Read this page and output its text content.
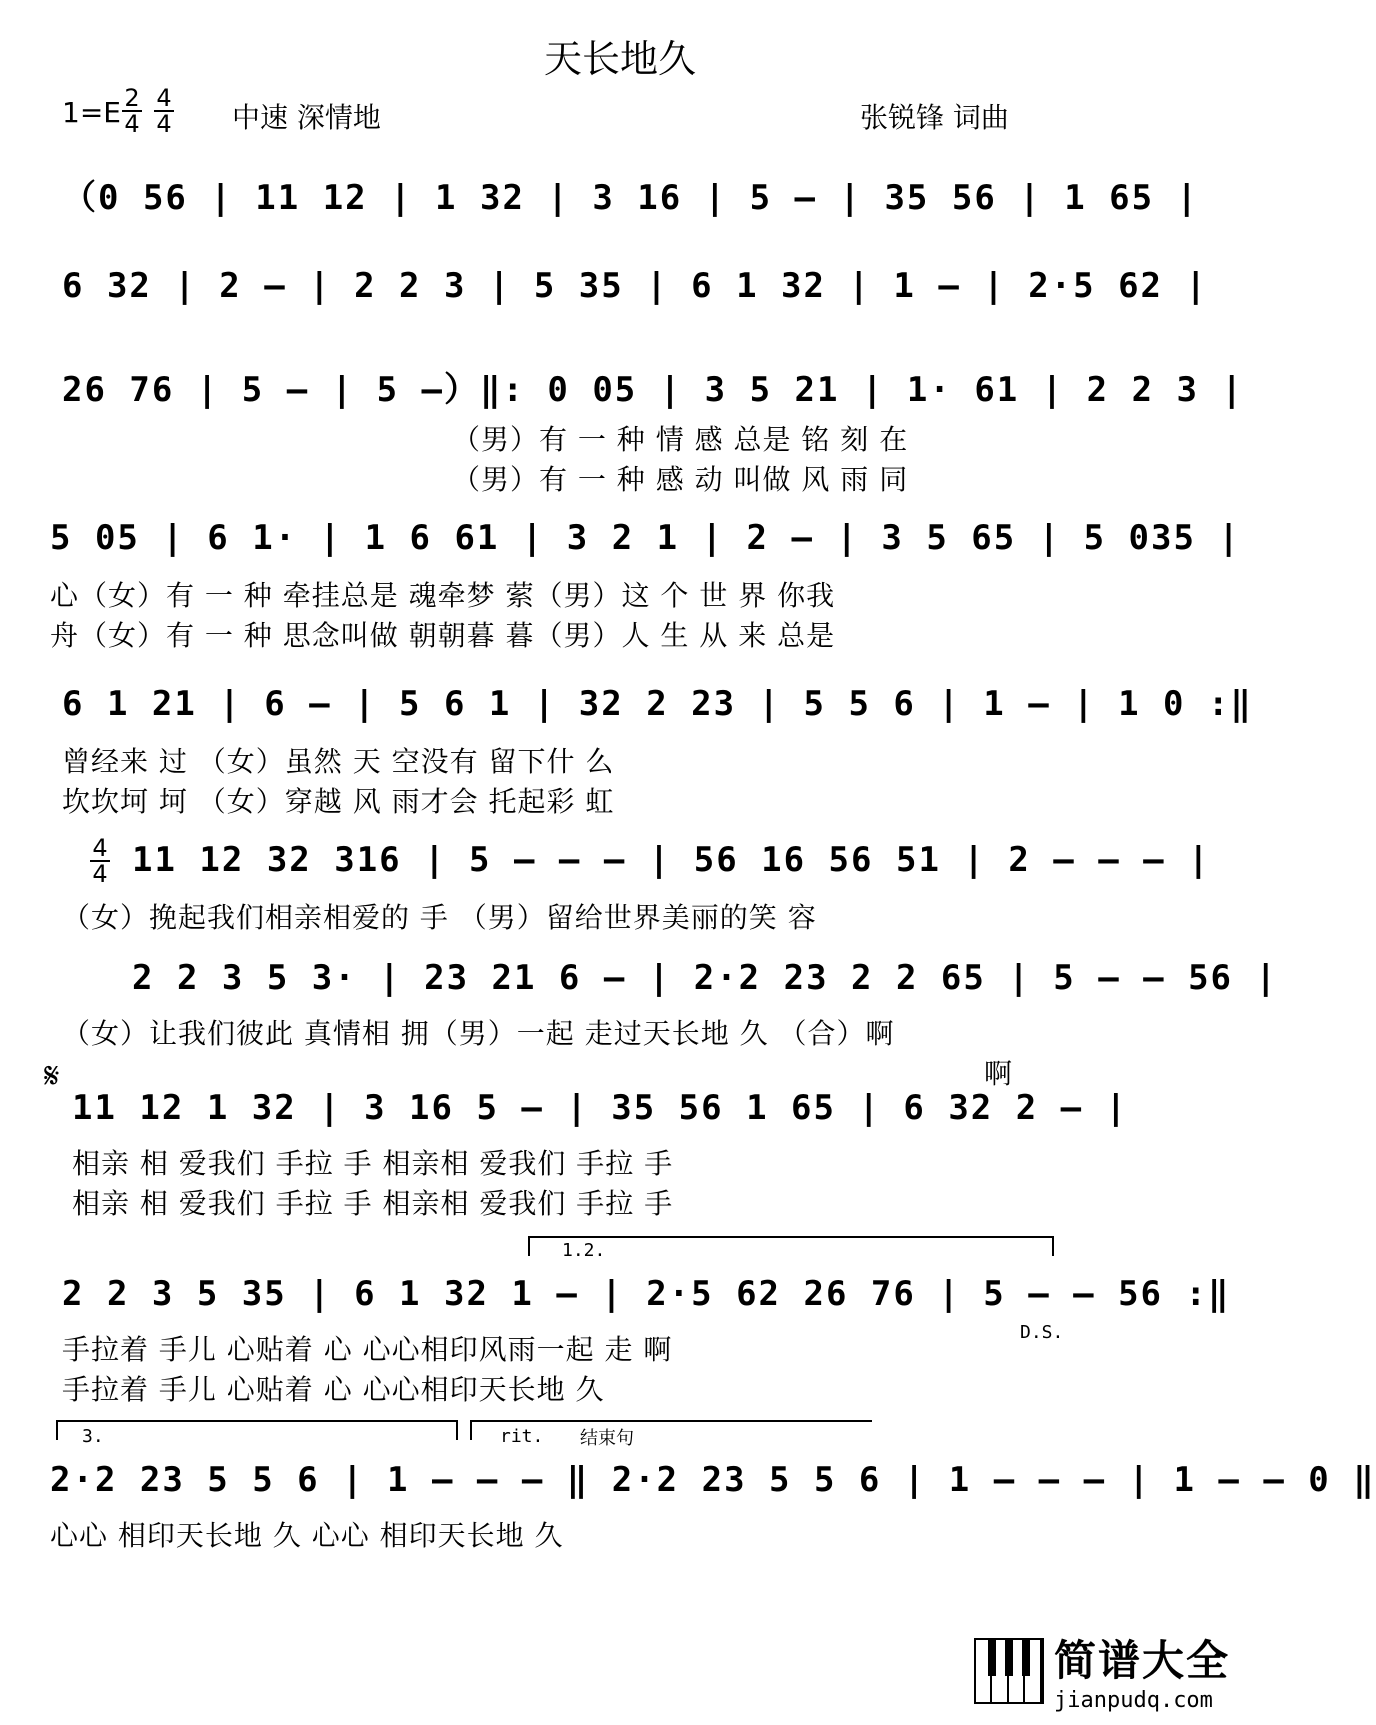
天长地久
$1=E \frac{2}{4} \frac{4}{4}$ 中速 深情地	张锐锋 词曲
（0 56 | 11 12 | 1 32 | 3 16 | 5 – | 35 56 | 1 65 |
6 32 | 2 – | 2 2 3 | 5 35 | 6 1 32 | 1 – | 2·5 62 |
26 76 | 5 – | 5 –）‖: 0 05 | 3 5 21 | 1· 61 | 2 2 3 |
（男）有 一 种 情 感 总是 铭 刻 在
（男）有 一 种 感 动 叫做 风 雨 同
5 05 | 6 1· | 1 6 61 | 3 2 1 | 2 – | 3 5 65 | 5 035 |
心（女）有 一 种 牵挂总是 魂牵梦 萦（男）这 个 世 界 你我
舟（女）有 一 种 思念叫做 朝朝暮 暮（男）人 生 从 来 总是
6 1 21 | 6 – | 5 6 1 | 32 2 23 | 5 5 6 | 1 – | 1 0 :‖
曾经来 过 （女）虽然 天 空没有 留下什 么
坎坎坷 坷 （女）穿越 风 雨才会 托起彩 虹
$\frac{4}{4} 11$ 12 32 316 | 5 – – – | 56 16 56 51 | 2 – – – |
（女）挽起我们相亲相爱的 手 （男）留给世界美丽的笑 容
2 2 3 5 3· | 23 21 6 – | 2·2 23 2 2 65 | 5 – – 56 |
（女）让我们彼此 真情相 拥（男）一起 走过天长地 久 （合）啊
啊
𝄋
11 12 1 32 | 3 16 5 – | 35 56 1 65 | 6 32 2 – |
相亲 相 爱我们 手拉 手 相亲相 爱我们 手拉 手
相亲 相 爱我们 手拉 手 相亲相 爱我们 手拉 手
1.2.
2 2 3 5 35 | 6 1 32 1 – | 2·5 62 26 76 | 5 – – 56 :‖
D.S.
手拉着 手儿 心贴着 心 心心相印风雨一起 走 啊
手拉着 手儿 心贴着 心 心心相印天长地 久
3.	rit. 结束句
2·2 23 5 5 6 | 1 – – – ‖ 2·2 23 5 5 6 | 1 – – – | 1 – – 0 ‖
心心 相印天长地 久 心心 相印天长地 久
简谱大全
jianpudq.com
